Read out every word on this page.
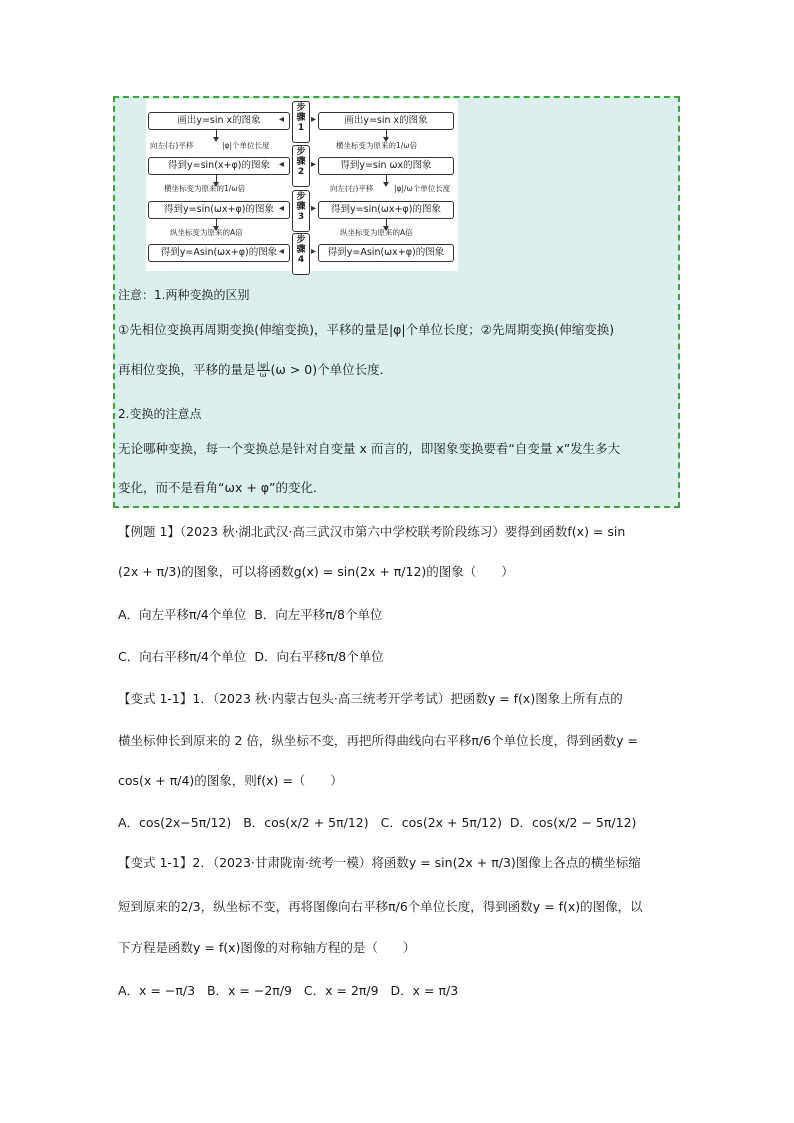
画出y=sin x的图象	画出y=sin x的图象
步
骤
1
◂	▸
向左(右)平移	|φ|个单位长度	横坐标变为原来的1/ω倍
得到y=sin(x+φ)的图象	得到y=sin ωx的图象
步
骤
2
◂	▸
横坐标变为原来的1/ω倍	向左(右)平移	|φ|/ω个单位长度
得到y=sin(ωx+φ)的图象	得到y=sin(ωx+φ)的图象
步
骤
3
◂	▸
纵坐标变为原来的A倍	纵坐标变为原来的A倍
得到y=Asin(ωx+φ)的图象	得到y=Asin(ωx+φ)的图象
步
骤
4
◂	▸
注意：1.两种变换的区别
①先相位变换再周期变换(伸缩变换)，平移的量是|φ|个单位长度；②先周期变换(伸缩变换)
再相位变换，平移的量是 $\frac{|\varphi|}{\omega} (\omega > 0)$个单位长度．
2.变换的注意点
无论哪种变换，每一个变换总是针对自变量 x 而言的，即图象变换要看“自变量 x”发生多大
变化，而不是看角“ωx + φ”的变化．
【例题 1】（2023 秋·湖北武汉·高三武汉市第六中学校联考阶段练习）要得到函数f(x) = sin
(2x + π/3)的图象，可以将函数g(x) = sin(2x + π/12)的图象（　　）
A．向左平移π/4个单位 B．向左平移π/8个单位
C．向右平移π/4个单位 D．向右平移π/8个单位
【变式 1-1】1．（2023 秋·内蒙古包头·高三统考开学考试）把函数y = f(x)图象上所有点的
横坐标伸长到原来的 2 倍，纵坐标不变，再把所得曲线向右平移π/6个单位长度，得到函数y =
cos(x + π/4)的图象，则f(x) =（　　）
A．cos(2x−5π/12) B．cos(x/2 + 5π/12) C．cos(2x + 5π/12) D．cos(x/2 − 5π/12)
【变式 1-1】2．（2023·甘肃陇南·统考一模）将函数y = sin(2x + π/3)图像上各点的横坐标缩
短到原来的2/3，纵坐标不变，再将图像向右平移π/6个单位长度，得到函数y = f(x)的图像，以
下方程是函数y = f(x)图像的对称轴方程的是（　　）
A．x = −π/3 B．x = −2π/9 C．x = 2π/9 D．x = π/3
